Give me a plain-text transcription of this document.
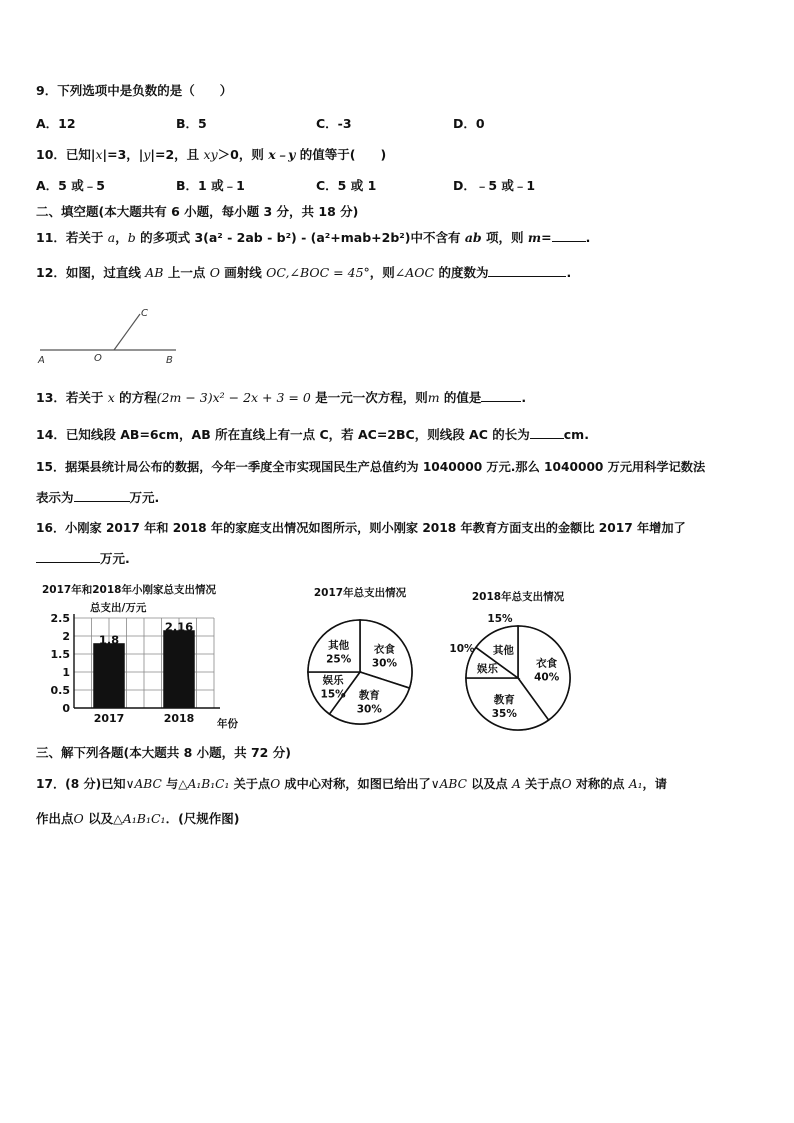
9．下列选项中是负数的是（　　）
A．12	B．5	C．-3	D．0
10．已知|x|=3，|y|=2，且 xy＞0，则 x﹣y 的值等于(　　)
A．5 或﹣5	B．1 或﹣1	C．5 或 1	D．﹣5 或﹣1
二、填空题(本大题共有 6 小题，每小题 3 分，共 18 分)
11．若关于 a，b 的多项式 3(a² - 2ab - b²) - (a²+mab+2b²)中不含有 ab 项，则 m=	.
12．如图，过直线 AB 上一点 O 画射线 OC,∠BOC = 45°，则∠AOC 的度数为	.
A	O	B
C
13．若关于 x 的方程(2m − 3)x² − 2x + 3 = 0 是一元一次方程，则m 的值是	.
14．已知线段 AB=6cm，AB 所在直线上有一点 C，若 AC=2BC，则线段 AC 的长为	cm.
15．据渠县统计局公布的数据，今年一季度全市实现国民生产总值约为 1040000 万元.那么 1040000 万元用科学记数法
表示为	万元.
16．小刚家 2017 年和 2018 年的家庭支出情况如图所示，则小刚家 2018 年教育方面支出的金额比 2017 年增加了
万元.
2017年和2018年小刚家总支出情况
总支出/万元
年份
0
0.5
1
1.5
2
2.5
1.8
2017
2.16
2018
2017年总支出情况
衣食
30%
教育
30%
娱乐
15%
其他
25%
2018年总支出情况
衣食
40%
教育
35%
10%
娱乐
15%
其他
三、解下列各题(本大题共 8 小题，共 72 分)
17．(8 分)已知∨ABC 与△A₁B₁C₁ 关于点O 成中心对称，如图已给出了∨ABC 以及点 A 关于点O 对称的点 A₁，请
作出点O 以及△A₁B₁C₁．(尺规作图)
